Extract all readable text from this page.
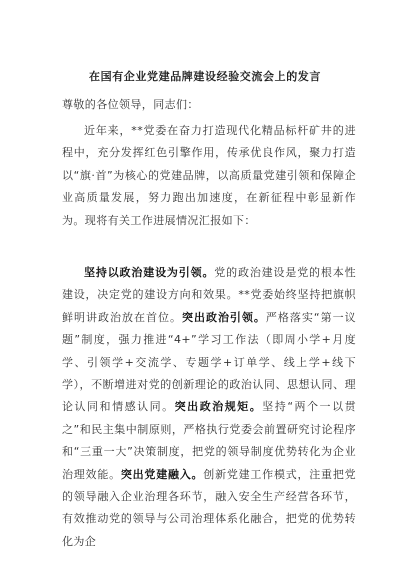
在国有企业党建品牌建设经验交流会上的发言
尊敬的各位领导，同志们：

近年来，**党委在奋力打造现代化精品标杆矿井的进程中，充分发挥红色引擎作用，传承优良作风，聚力打造以“旗·首”为核心的党建品牌，以高质量党建引领和保障企业高质量发展，努力跑出加速度，在新征程中彰显新作为。现将有关工作进展情况汇报如下：

坚持以政治建设为引领。党的政治建设是党的根本性建设，决定党的建设方向和效果。**党委始终坚持把旗帜鲜明讲政治放在首位。突出政治引领。严格落实“第一议题”制度，强力推进“4+”学习工作法（即周小学+月度学、引领学+交流学、专题学+订单学、线上学+线下学），不断增进对党的创新理论的政治认同、思想认同、理论认同和情感认同。突出政治规矩。坚持“两个一以贯之”和民主集中制原则，严格执行党委会前置研究讨论程序和“三重一大”决策制度，把党的领导制度优势转化为企业治理效能。突出党建融入。创新党建工作模式，注重把党的领导融入企业治理各环节，融入安全生产经营各环节，有效推动党的领导与公司治理体系化融合，把党的优势转化为企
